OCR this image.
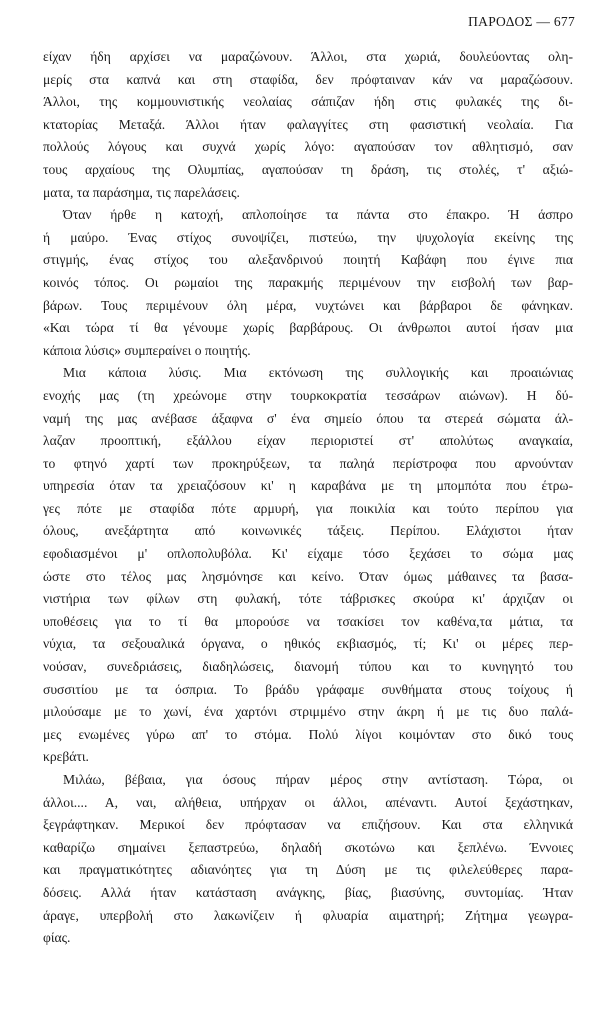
ΠΑΡΟΔΟΣ — 677
είχαν ήδη αρχίσει να μαραζώνουν. Άλλοι, στα χωριά, δουλεύοντας ολη-
μερίς στα καπνά και στη σταφίδα, δεν πρόφταιναν κάν να μαραζώσουν.
Άλλοι, της κομμουνιστικής νεολαίας σάπιζαν ήδη στις φυλακές της δι-
κτατορίας Μεταξά. Άλλοι ήταν φαλαγγίτες στη φασιστική νεολαία. Για
πολλούς λόγους και συχνά χωρίς λόγο: αγαπούσαν τον αθλητισμό, σαν
τους αρχαίους της Ολυμπίας, αγαπούσαν τη δράση, τις στολές, τ' αξιώ-
ματα, τα παράσημα, τις παρελάσεις.
Όταν ήρθε η κατοχή, απλοποίησε τα πάντα στο έπακρο. Ή άσπρο
ή μαύρο. Ένας στίχος συνοψίζει, πιστεύω, την ψυχολογία εκείνης της
στιγμής, ένας στίχος του αλεξανδρινού ποιητή Καβάφη που έγινε πια
κοινός τόπος. Οι ρωμαίοι της παρακμής περιμένουν την εισβολή των βαρ-
βάρων. Τους περιμένουν όλη μέρα, νυχτώνει και βάρβαροι δε φάνηκαν.
«Και τώρα τί θα γένουμε χωρίς βαρβάρους. Οι άνθρωποι αυτοί ήσαν μια
κάποια λύσις» συμπεραίνει ο ποιητής.
Μια κάποια λύσις. Μια εκτόνωση της συλλογικής και προαιώνιας
ενοχής μας (τη χρεώνομε στην τουρκοκρατία τεσσάρων αιώνων). Η δύ-
ναμή της μας ανέβασε άξαφνα σ' ένα σημείο όπου τα στερεά σώματα άλ-
λαζαν προοπτική, εξάλλου είχαν περιοριστεί στ' απολύτως αναγκαία,
το φτηνό χαρτί των προκηρύξεων, τα παληά περίστροφα που αρνούνταν
υπηρεσία όταν τα χρειαζόσουν κι' η καραβάνα με τη μπομπότα που έτρω-
γες πότε με σταφίδα πότε αρμυρή, για ποικιλία και τούτο περίπου για
όλους, ανεξάρτητα από κοινωνικές τάξεις. Περίπου. Ελάχιστοι ήταν
εφοδιασμένοι μ' οπλοπολυβόλα. Κι' είχαμε τόσο ξεχάσει το σώμα μας
ώστε στο τέλος μας λησμόνησε και κείνο. Όταν όμως μάθαινες τα βασα-
νιστήρια των φίλων στη φυλακή, τότε τάβρισκες σκούρα κι' άρχιζαν οι
υποθέσεις για το τί θα μπορούσε να τσακίσει τον καθένα,τα μάτια, τα
νύχια, τα σεξουαλικά όργανα, ο ηθικός εκβιασμός, τί; Κι' οι μέρες περ-
νούσαν, συνεδριάσεις, διαδηλώσεις, διανομή τύπου και το κυνηγητό του
συσσιτίου με τα όσπρια. Το βράδυ γράφαμε συνθήματα στους τοίχους ή
μιλούσαμε με το χωνί, ένα χαρτόνι στριμμένο στην άκρη ή με τις δυο παλά-
μες ενωμένες γύρω απ' το στόμα. Πολύ λίγοι κοιμόνταν στο δικό τους
κρεβάτι.
Μιλάω, βέβαια, για όσους πήραν μέρος στην αντίσταση. Τώρα, οι
άλλοι.... Α, ναι, αλήθεια, υπήρχαν οι άλλοι, απέναντι. Αυτοί ξεχάστηκαν,
ξεγράφτηκαν. Μερικοί δεν πρόφτασαν να επιζήσουν. Και στα ελληνικά
καθαρίζω σημαίνει ξεπαστρεύω, δηλαδή σκοτώνω και ξεπλένω. Έννοιες
και πραγματικότητες αδιανόητες για τη Δύση με τις φιλελεύθερες παρα-
δόσεις. Αλλά ήταν κατάσταση ανάγκης, βίας, βιασύνης, συντομίας. Ήταν
άραγε, υπερβολή στο λακωνίζειν ή φλυαρία αιματηρή; Ζήτημα γεωγρα-
φίας.
